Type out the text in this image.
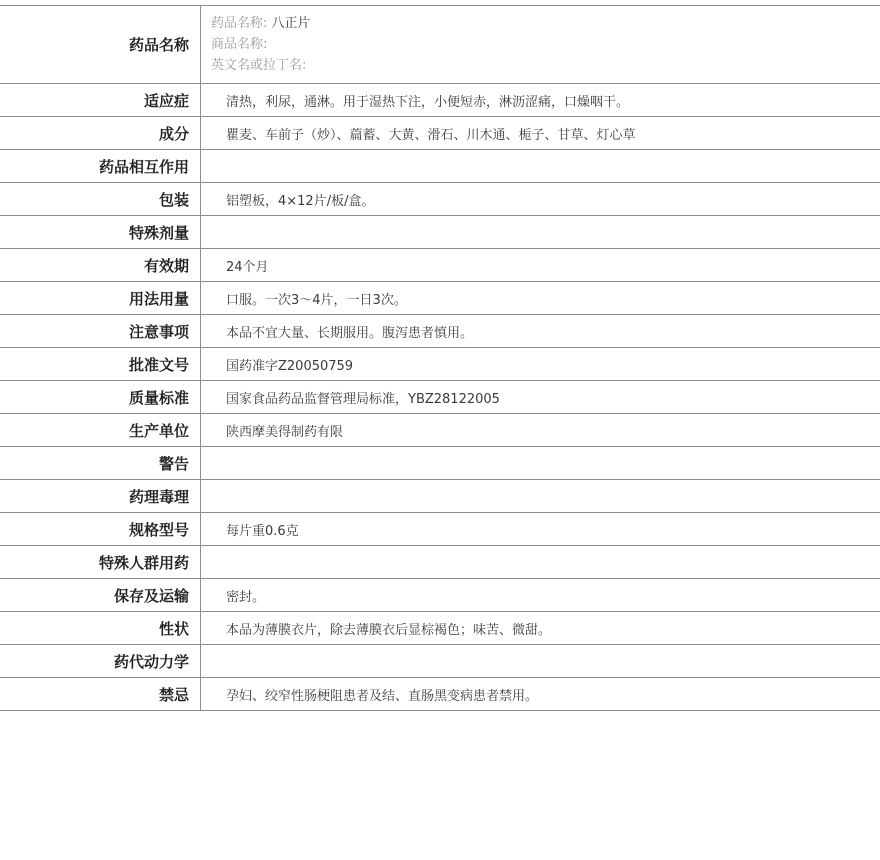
药品名称	药品名称: 八正片
商品名称:
英文名或拉丁名:

适应症	清热，利尿，通淋。用于湿热下注，小便短赤，淋沥涩痛，口燥咽干。
成分	瞿麦、车前子（炒）、萹蓄、大黄、滑石、川木通、栀子、甘草、灯心草
药品相互作用	
包装	铝塑板，4×12片/板/盒。
特殊剂量	
有效期	24个月
用法用量	口服。一次3～4片，一日3次。
注意事项	本品不宜大量、长期服用。腹泻患者慎用。
批准文号	国药准字Z20050759
质量标准	国家食品药品监督管理局标准，YBZ28122005
生产单位	陕西摩美得制药有限
警告	
药理毒理	
规格型号	每片重0.6克
特殊人群用药	
保存及运输	密封。
性状	本品为薄膜衣片，除去薄膜衣后显棕褐色；味苦、微甜。
药代动力学	
禁忌	孕妇、绞窄性肠梗阻患者及结、直肠黑变病患者禁用。
